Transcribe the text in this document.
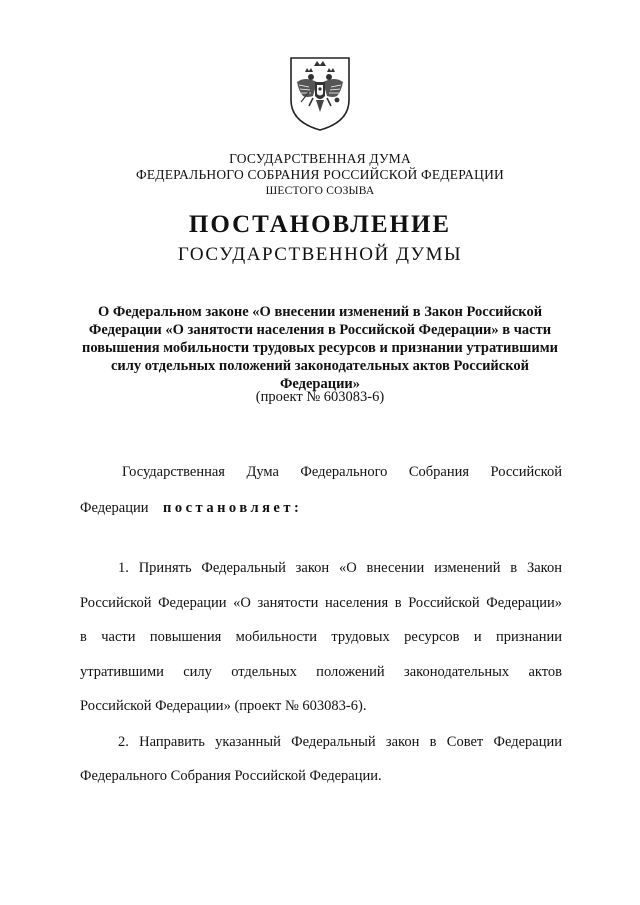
ГОСУДАРСТВЕННАЯ ДУМА
ФЕДЕРАЛЬНОГО СОБРАНИЯ РОССИЙСКОЙ ФЕДЕРАЦИИ
ШЕСТОГО СОЗЫВА
ПОСТАНОВЛЕНИЕ
ГОСУДАРСТВЕННОЙ ДУМЫ
О Федеральном законе «О внесении изменений в Закон Российской Федерации «О занятости населения в Российской Федерации» в части повышения мобильности трудовых ресурсов и признании утратившими силу отдельных положений законодательных актов Российской Федерации»
(проект № 603083-6)
Государственная Дума Федерального Собрания Российской
Федерации постановляет:
1. Принять Федеральный закон «О внесении изменений в Закон
Российской Федерации «О занятости населения в Российской Федерации»
в части повышения мобильности трудовых ресурсов и признании
утратившими силу отдельных положений законодательных актов
Российской Федерации» (проект № 603083-6).
2. Направить указанный Федеральный закон в Совет Федерации
Федерального Собрания Российской Федерации.
